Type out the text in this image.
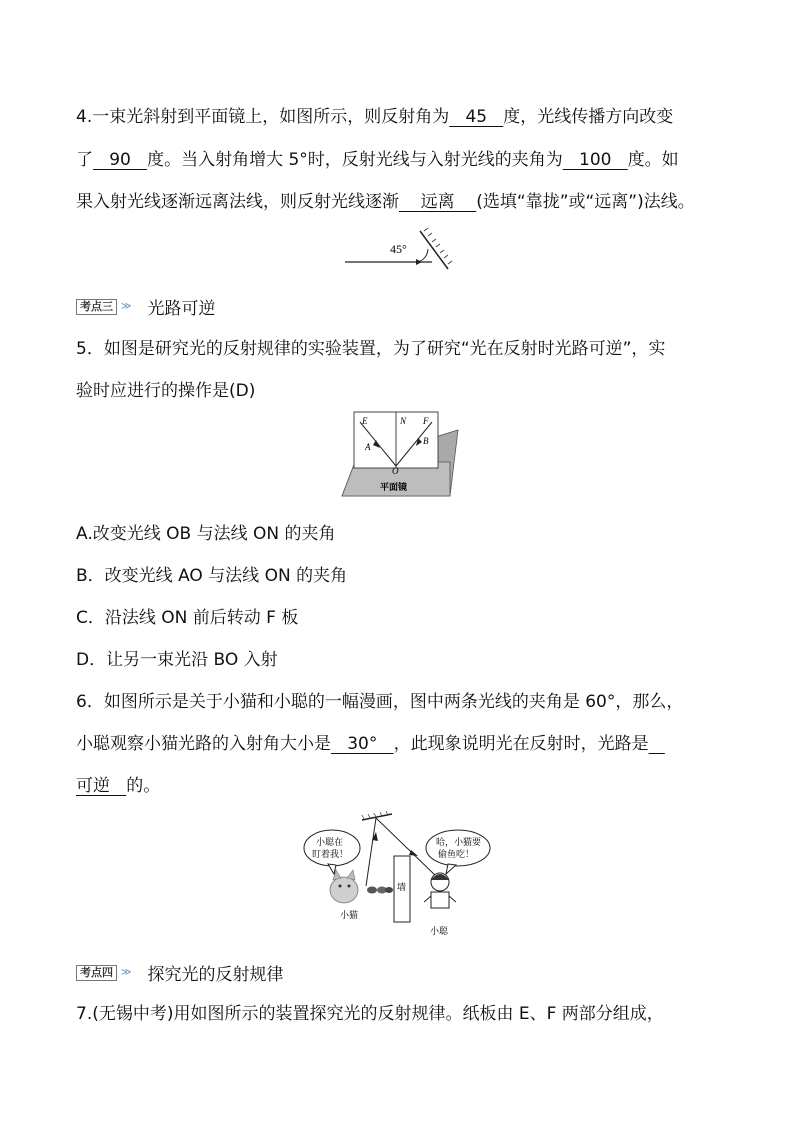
4.一束光斜射到平面镜上，如图所示，则反射角为 45 度，光线传播方向改变
了 90 度。当入射角增大 5°时，反射光线与入射光线的夹角为 100 度。如
果入射光线逐渐远离法线，则反射光线逐渐 远离 (选填“靠拢”或“远离”)法线。
45°
考点三 ≫ 光路可逆
5．如图是研究光的反射规律的实验装置，为了研究“光在反射时光路可逆”，实
验时应进行的操作是(D)
E	N F
A
B
O
平面镜
A.改变光线 OB 与法线 ON 的夹角
B．改变光线 AO 与法线 ON 的夹角
C．沿法线 ON 前后转动 F 板
D．让另一束光沿 BO 入射
6．如图所示是关于小猫和小聪的一幅漫画，图中两条光线的夹角是 60°，那么，
小聪观察小猫光路的入射角大小是 30° ，此现象说明光在反射时，光路是
可逆 的。
小聪在
盯着我！
哈，小猫要
偷鱼吃！
小猫
墙
小聪
考点四 ≫ 探究光的反射规律
7.(无锡中考)用如图所示的装置探究光的反射规律。纸板由 E、F 两部分组成，
